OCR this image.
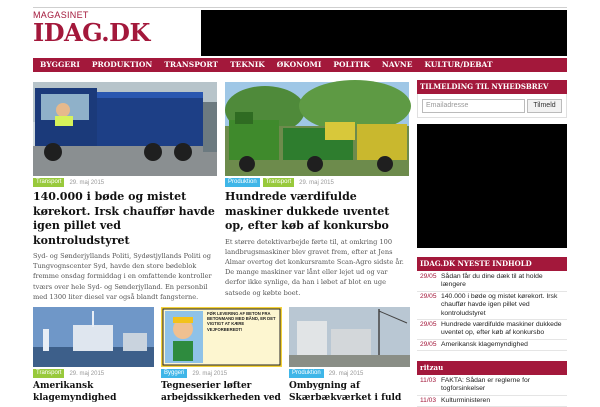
MAGASINET
IDAG.DK
BYGGERI	PRODUKTION	TRANSPORT	TEKNIK	ØKONOMI	POLITIK	NAVNE	KULTUR/DEBAT
Transport	29. maj 2015
140.000 i bøde og mistet kørekort. Irsk chauffør havde igen pillet ved kontroludstyret
Syd- og Sønderjyllands Politi, Sydøstjyllands Politi og Tungvognscenter Syd, havde den store bødeblok fremme onsdag formiddag i en omfattende kontroller tværs over hele Syd- og Sønderjylland. En personbil med 1300 liter diesel var også blandt fangsterne.
Produktion	Transport	29. maj 2015
Hundrede værdifulde maskiner dukkede uventet op, efter køb af konkursbo
Et større detektivarbejde førte til, at omkring 100 landbrugsmaskiner blev gravet frem, efter at Jens Almar overtog det konkursramte Scan-Agro sidste år. De mange maskiner var lånt eller lejet ud og var derfor ikke synlige, da han i løbet af blot en uge satsede og købte boet.
Transport	29. maj 2015
Amerikansk klagemyndighed
FØR LEVERING AF BETON FRA BETONMAND MED BÅND, ER DET VIGTIGT AT KÆRE VEJFORBEREDT!
Byggeri	29. maj 2015
Tegneserier løfter arbejdssikkerheden ved
Produktion	29. maj 2015
Ombygning af Skærbækværket i fuld
TILMELDING TIL NYHEDSBREV
Emailadresse	Tilmeld
IDAG.DK NYESTE INDHOLD
29/05 Sådan får du dine dæk til at holde længere
29/05 140.000 i bøde og mistet kørekort. Irsk chauffør havde igen pillet ved kontroludstyret
29/05 Hundrede værdifulde maskiner dukkede uventet op, efter køb af konkursbo
29/05 Amerikansk klagemyndighed
ritzau
11/03 FAKTA: Sådan er reglerne for togforsinkelser
11/03 Kulturministeren
